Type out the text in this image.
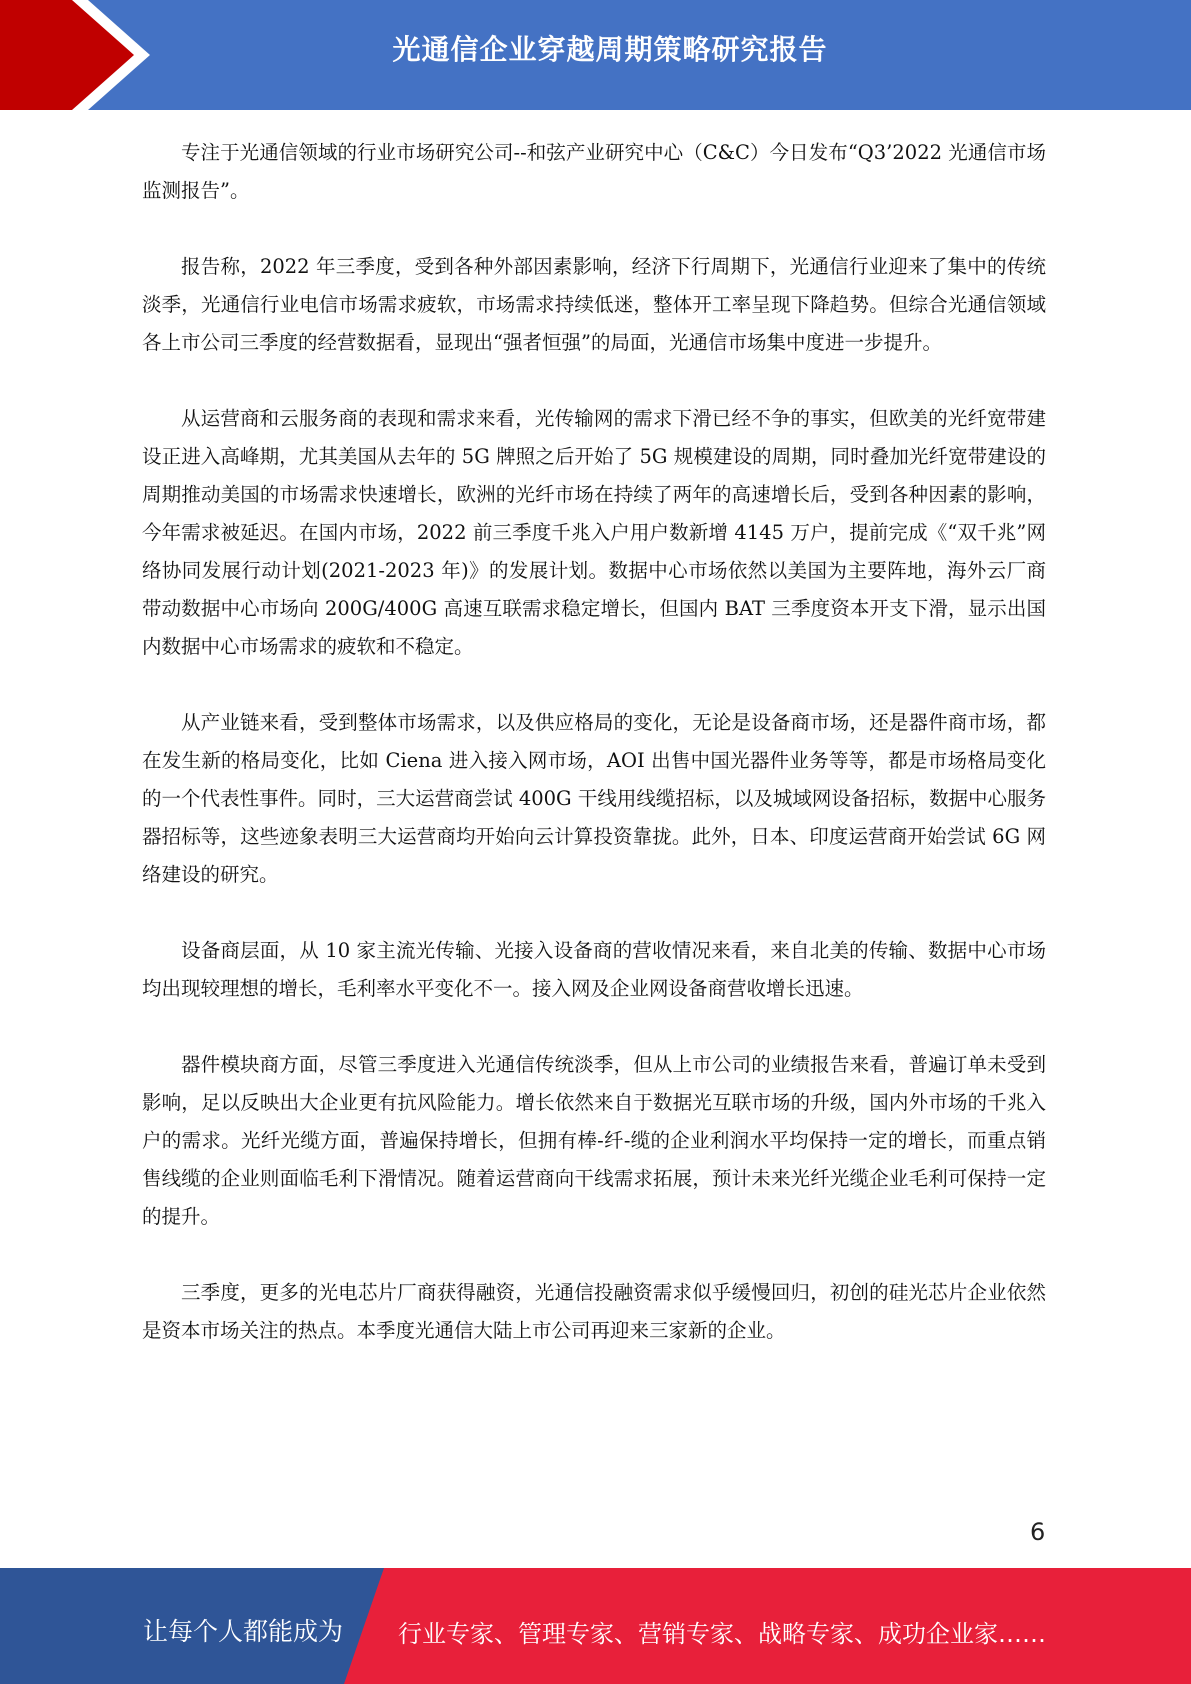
光通信企业穿越周期策略研究报告

专注于光通信领域的行业市场研究公司--和弦产业研究中心（C&C）今日发布“Q3’2022 光通信市场监测报告”。

报告称，2022 年三季度，受到各种外部因素影响，经济下行周期下，光通信行业迎来了集中的传统淡季，光通信行业电信市场需求疲软，市场需求持续低迷，整体开工率呈现下降趋势。但综合光通信领域各上市公司三季度的经营数据看，显现出“强者恒强”的局面，光通信市场集中度进一步提升。

从运营商和云服务商的表现和需求来看，光传输网的需求下滑已经不争的事实，但欧美的光纤宽带建设正进入高峰期，尤其美国从去年的 5G 牌照之后开始了 5G 规模建设的周期，同时叠加光纤宽带建设的周期推动美国的市场需求快速增长，欧洲的光纤市场在持续了两年的高速增长后，受到各种因素的影响，今年需求被延迟。在国内市场，2022 前三季度千兆入户用户数新增 4145 万户，提前完成《“双千兆”网络协同发展行动计划(2021-2023 年)》的发展计划。数据中心市场依然以美国为主要阵地，海外云厂商带动数据中心市场向 200G/400G 高速互联需求稳定增长，但国内 BAT 三季度资本开支下滑，显示出国内数据中心市场需求的疲软和不稳定。

从产业链来看，受到整体市场需求，以及供应格局的变化，无论是设备商市场，还是器件商市场，都在发生新的格局变化，比如 Ciena 进入接入网市场，AOI 出售中国光器件业务等等，都是市场格局变化的一个代表性事件。同时，三大运营商尝试 400G 干线用线缆招标，以及城域网设备招标，数据中心服务器招标等，这些迹象表明三大运营商均开始向云计算投资靠拢。此外，日本、印度运营商开始尝试 6G 网络建设的研究。

设备商层面，从 10 家主流光传输、光接入设备商的营收情况来看，来自北美的传输、数据中心市场均出现较理想的增长，毛利率水平变化不一。接入网及企业网设备商营收增长迅速。

器件模块商方面，尽管三季度进入光通信传统淡季，但从上市公司的业绩报告来看，普遍订单未受到影响，足以反映出大企业更有抗风险能力。增长依然来自于数据光互联市场的升级，国内外市场的千兆入户的需求。光纤光缆方面，普遍保持增长，但拥有棒-纤-缆的企业利润水平均保持一定的增长，而重点销售线缆的企业则面临毛利下滑情况。随着运营商向干线需求拓展，预计未来光纤光缆企业毛利可保持一定的提升。

三季度，更多的光电芯片厂商获得融资，光通信投融资需求似乎缓慢回归，初创的硅光芯片企业依然是资本市场关注的热点。本季度光通信大陆上市公司再迎来三家新的企业。

6
让每个人都能成为 行业专家、管理专家、营销专家、战略专家、成功企业家……
